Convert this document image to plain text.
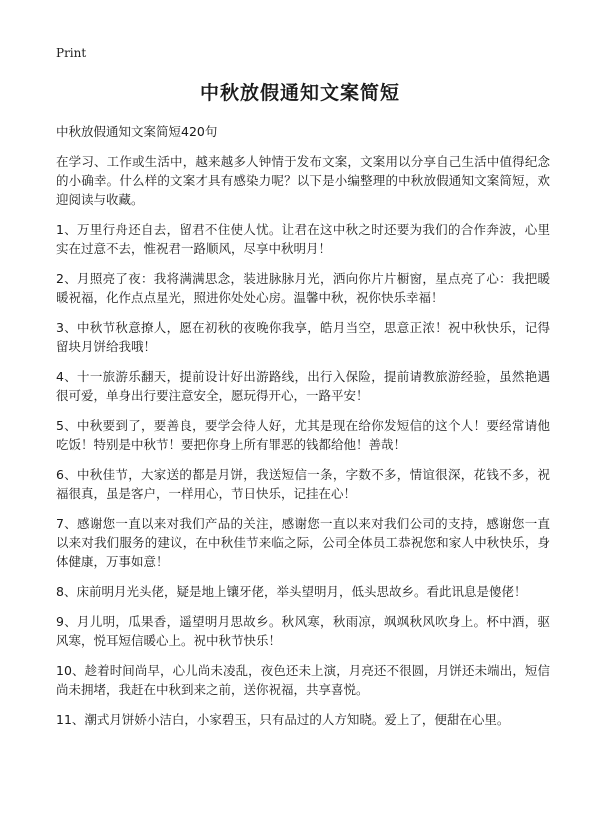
Print
中秋放假通知文案简短

中秋放假通知文案简短420句

在学习、工作或生活中，越来越多人钟情于发布文案，文案用以分享自己生活中值得纪念的小确幸。什么样的文案才具有感染力呢？以下是小编整理的中秋放假通知文案简短，欢迎阅读与收藏。

1、万里行舟还自去，留君不住使人忧。让君在这中秋之时还要为我们的合作奔波，心里实在过意不去，惟祝君一路顺风，尽享中秋明月！

2、月照亮了夜：我将满满思念，装进脉脉月光，洒向你片片橱窗，星点亮了心：我把暖暖祝福，化作点点星光，照进你处处心房。温馨中秋，祝你快乐幸福！

3、中秋节秋意撩人，愿在初秋的夜晚你我享，皓月当空，思意正浓！祝中秋快乐，记得留块月饼给我哦！

4、十一旅游乐翻天，提前设计好出游路线，出行入保险，提前请教旅游经验，虽然艳遇很可爱，单身出行要注意安全，愿玩得开心，一路平安！

5、中秋要到了，要善良，要学会待人好，尤其是现在给你发短信的这个人！要经常请他吃饭！特别是中秋节！要把你身上所有罪恶的钱都给他！善哉！

6、中秋佳节，大家送的都是月饼，我送短信一条，字数不多，情谊很深，花钱不多，祝福很真，虽是客户，一样用心，节日快乐，记挂在心！

7、感谢您一直以来对我们产品的关注，感谢您一直以来对我们公司的支持，感谢您一直以来对我们服务的建议，在中秋佳节来临之际，公司全体员工恭祝您和家人中秋快乐，身体健康，万事如意！

8、床前明月光头佬，疑是地上镶牙佬，举头望明月，低头思故乡。看此讯息是傻佬！

9、月儿明，瓜果香，遥望明月思故乡。秋风寒，秋雨凉，飒飒秋风吹身上。杯中酒，驱风寒，悦耳短信暖心上。祝中秋节快乐！

10、趁着时间尚早，心儿尚未凌乱，夜色还未上演，月亮还不很圆，月饼还未端出，短信尚未拥堵，我赶在中秋到来之前，送你祝福，共享喜悦。

11、潮式月饼娇小洁白，小家碧玉，只有品过的人方知晓。爱上了，便甜在心里。
